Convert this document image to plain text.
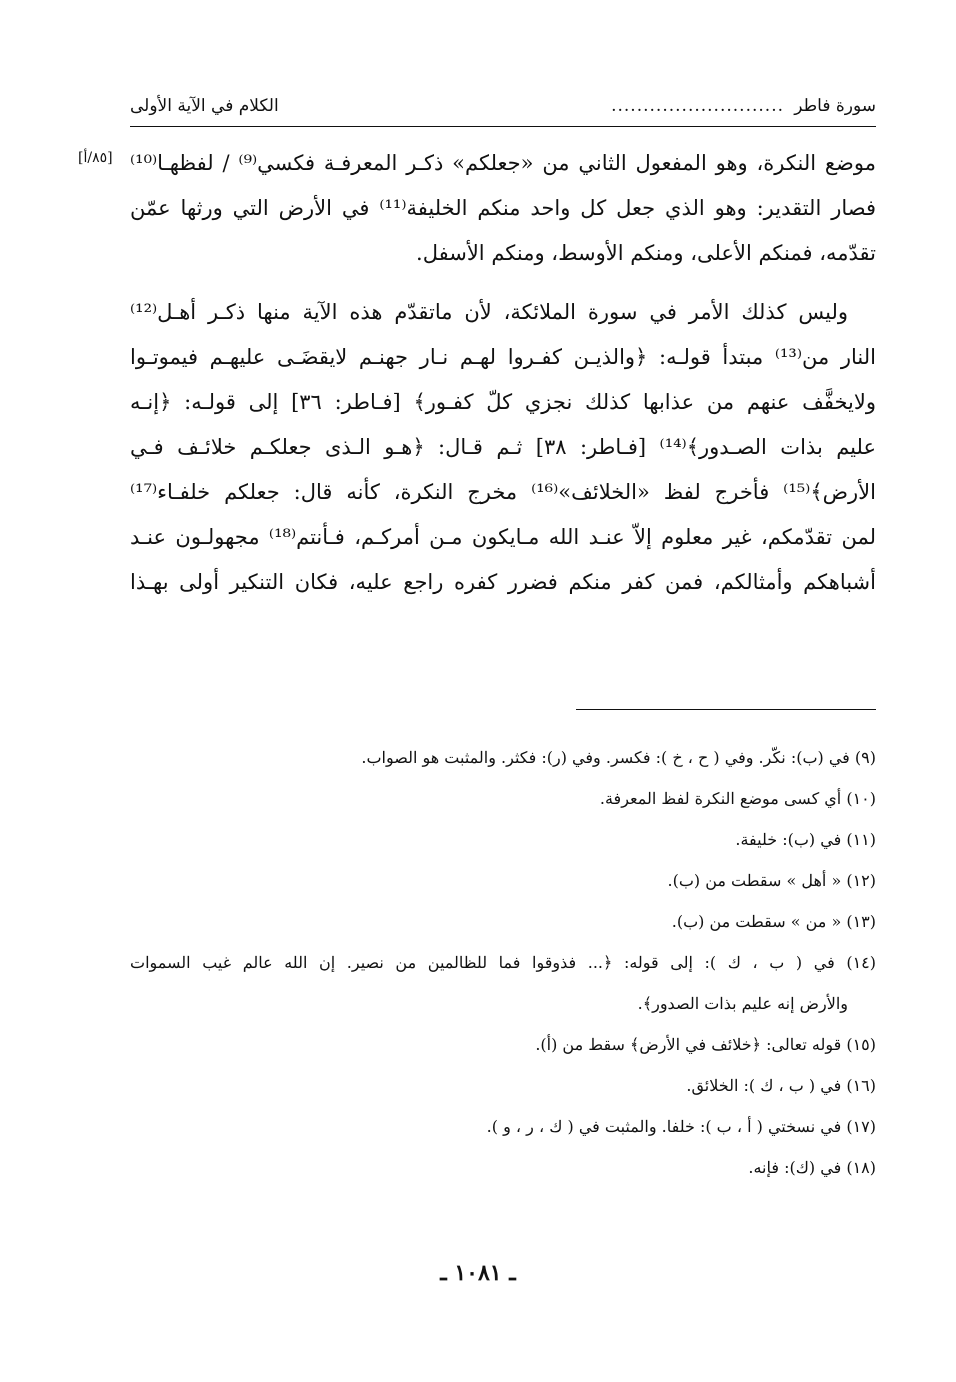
سورة فاطر
...........................
الكلام في الآية الأولى
[٨٥/أ] موضع النكرة، وهو المفعول الثاني من «جعلكم» ذكـر المعرفـة فكسي⁽⁹⁾ / لفظهـا⁽¹⁰⁾
فصار التقدير: وهو الذي جعل كل واحد منكم الخليفة⁽¹¹⁾ في الأرض التي ورثها عمّن
تقدّمه، فمنكم الأعلى، ومنكم الأوسط، ومنكم الأسفل.
وليس كذلك الأمر في سورة الملائكة، لأن ماتقدّم هذه الآية منها ذكـر أهـل⁽¹²⁾
النار من⁽¹³⁾ مبتدأ قولـه: ﴿والذيـن كفـروا لهـم نـار جهنـم لايقضَـى عليهـم فيموتـوا
ولايخفَّف عنهم من عذابها كذلك نجزي كلّ كفـور﴾ [فـاطر: ٣٦] إلى قولـه: ﴿إنـه
عليم بذات الصـدور﴾⁽¹⁴⁾ [فـاطر: ٣٨] ثـم قـال: ﴿هـو الـذى جعلكـم خلائـف فـي
الأرض﴾⁽¹⁵⁾ فأخرج لفظ «الخلائف»⁽¹⁶⁾ مخرج النكرة، كأنه قال: جعلكم خلفـاء⁽¹⁷⁾
لمن تقدّمكم، غير معلوم إلاّ عنـد الله مـايكون مـن أمركـم، فـأنتم⁽¹⁸⁾ مجهولـون عنـد
أشباهكم وأمثالكم، فمن كفر منكم فضرر كفره راجع عليه، فكان التنكير أولى بهـذا
(٩) في (ب): نكّر. وفي ( ح ، خ ): فكسر. وفي (ر): فكثر. والمثبت هو الصواب.
(١٠) أي كسى موضع النكرة لفظ المعرفة.
(١١) في (ب): خليفة.
(١٢) « أهل » سقطت من (ب).
(١٣) « من » سقطت من (ب).
(١٤) في ( ب ، ك ): إلى قوله: ﴿... فذوقوا فما للظالمين من نصير. إن الله عالم غيب السموات
والأرض إنه عليم بذات الصدور﴾.
(١٥) قوله تعالى: ﴿خلائف في الأرض﴾ سقط من (أ).
(١٦) في ( ب ، ك ): الخلائق.
(١٧) في نسختي ( أ ، ب ): خلفا. والمثبت في ( ك ، ر ، و ).
(١٨) في (ك): فإنه.
ـ ١٠٨١ ـ
